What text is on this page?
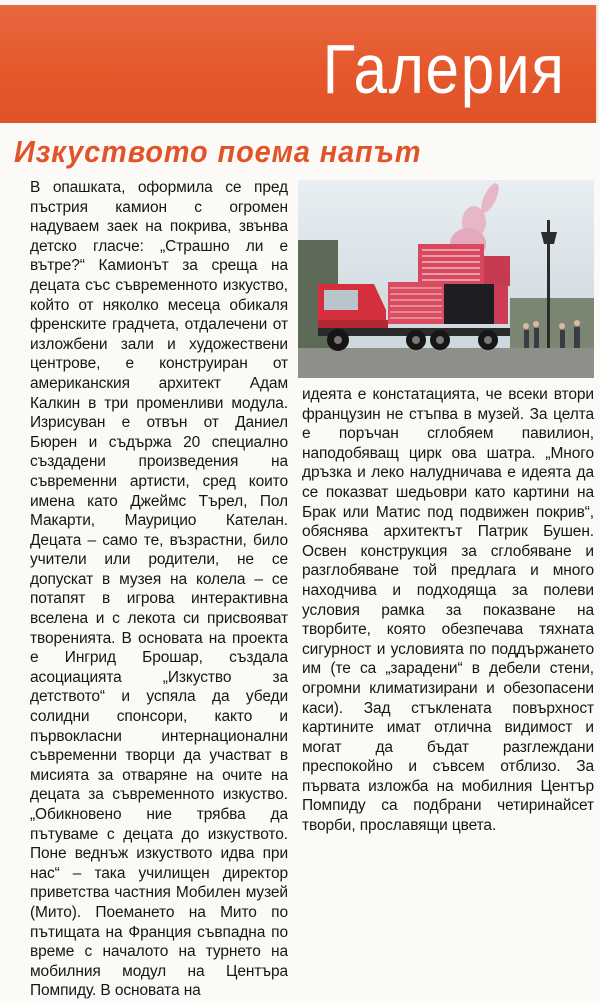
Галерия
Изкуството поема напът

В опашката, оформила се пред пъстрия камион с огромен надуваем заек на покрива, звънва детско гласче: „Страшно ли е вътре?“ Камионът за среща на децата със съвременното изкуство, който от няколко месеца обикаля френските градчета, отдалечени от изложбени зали и художествени центрове, е конструиран от американския архитект Адам Калкин в три променливи модула. Изрисуван е отвън от Даниел Бюрен и съдържа 20 специално създадени произведения на съвременни артисти, сред които имена като Джеймс Търел, Пол Макарти, Маурицио Кателан. Децата – само те, възрастни, било учители или родители, не се допускат в музея на колела – се потапят в игрова интерактивна вселена и с лекота си присвояват творенията. В основата на проекта е Ингрид Брошар, създала асоциацията „Изкуство за детството“ и успяла да убеди солидни спонсори, както и първокласни интернационални съвременни творци да участват в мисията за отваряне на очите на децата за съвременното изкуство. „Обикновено ние трябва да пътуваме с децата до изкуството. Поне веднъж изкуството идва при нас“ – така училищен директор приветства частния Мобилен музей (Мито). Поемането на Мито по пътищата на Франция съвпадна по време с началото на турнето на мобилния модул на Центъра Помпиду. В основата на

идеята е констатацията, че всеки втори французин не стъпва в музей. За целта е поръчан сглобяем павилион, наподобяващ цирк ова шатра. „Много дръзка и леко налудничава е идеята да се показват шедьоври като картини на Брак или Матис под подвижен покрив“, обяснява архитектът Патрик Бушен. Освен конструкция за сглобяване и разглобяване той предлага и много находчива и подходяща за полеви условия рамка за показване на творбите, която обезпечава тяхната сигурност и условията по поддържането им (те са „зарадени“ в дебели стени, огромни климатизирани и обезопасени каси). Зад стъклената повърхност картините имат отлична видимост и могат да бъдат разглеждани преспокойно и съвсем отблизо. За първата изложба на мобилния Център Помпиду са подбрани четиринайсет творби, прославящи цвета.
